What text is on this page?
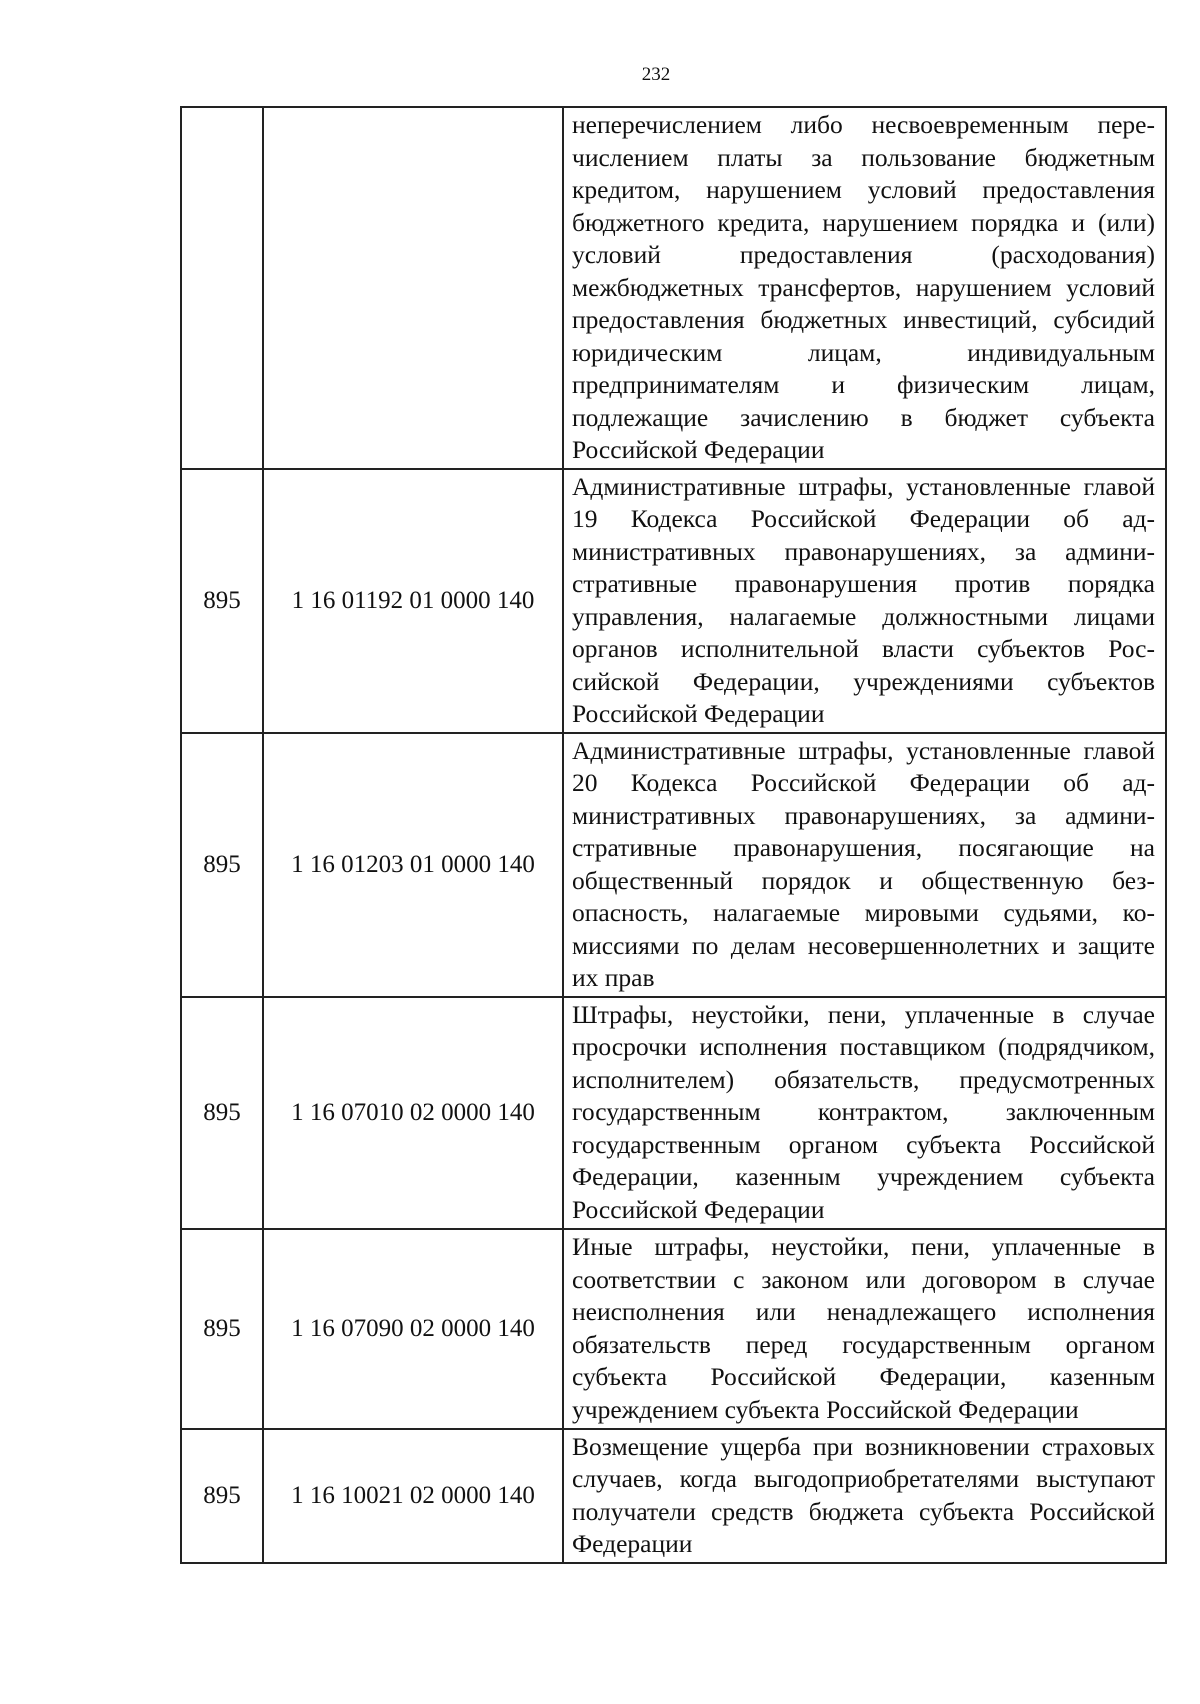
232
		неперечислением либо несвоевременным перечислением платы за пользование бюджетным кредитом, нарушением условий предоставления бюджетного кредита, нарушением порядка и (или) условий предоставления (расходования) межбюджетных трансфертов, нарушением условий предоставления бюджетных инвестиций, субсидий юридическим лицам, индивидуальным предпринимателям и физическим лицам, подлежащие зачислению в бюджет субъекта Российской Федерации
895	1 16 01192 01 0000 140	Административные штрафы, установленные главой 19 Кодекса Российской Федерации об административных правонарушениях, за административные правонарушения против порядка управления, налагаемые должностными лицами органов исполнительной власти субъектов Российской Федерации, учреждениями субъектов Российской Федерации
895	1 16 01203 01 0000 140	Административные штрафы, установленные главой 20 Кодекса Российской Федерации об административных правонарушениях, за административные правонарушения, посягающие на общественный порядок и общественную безопасность, налагаемые мировыми судьями, комиссиями по делам несовершеннолетних и защите их прав
895	1 16 07010 02 0000 140	Штрафы, неустойки, пени, уплаченные в случае просрочки исполнения поставщиком (подрядчиком, исполнителем) обязательств, предусмотренных государственным контрактом, заключенным государственным органом субъекта Российской Федерации, казенным учреждением субъекта Российской Федерации
895	1 16 07090 02 0000 140	Иные штрафы, неустойки, пени, уплаченные в соответствии с законом или договором в случае неисполнения или ненадлежащего исполнения обязательств перед государственным органом субъекта Российской Федерации, казенным учреждением субъекта Российской Федерации
895	1 16 10021 02 0000 140	Возмещение ущерба при возникновении страховых случаев, когда выгодоприобретателями выступают получатели средств бюджета субъекта Российской Федерации
